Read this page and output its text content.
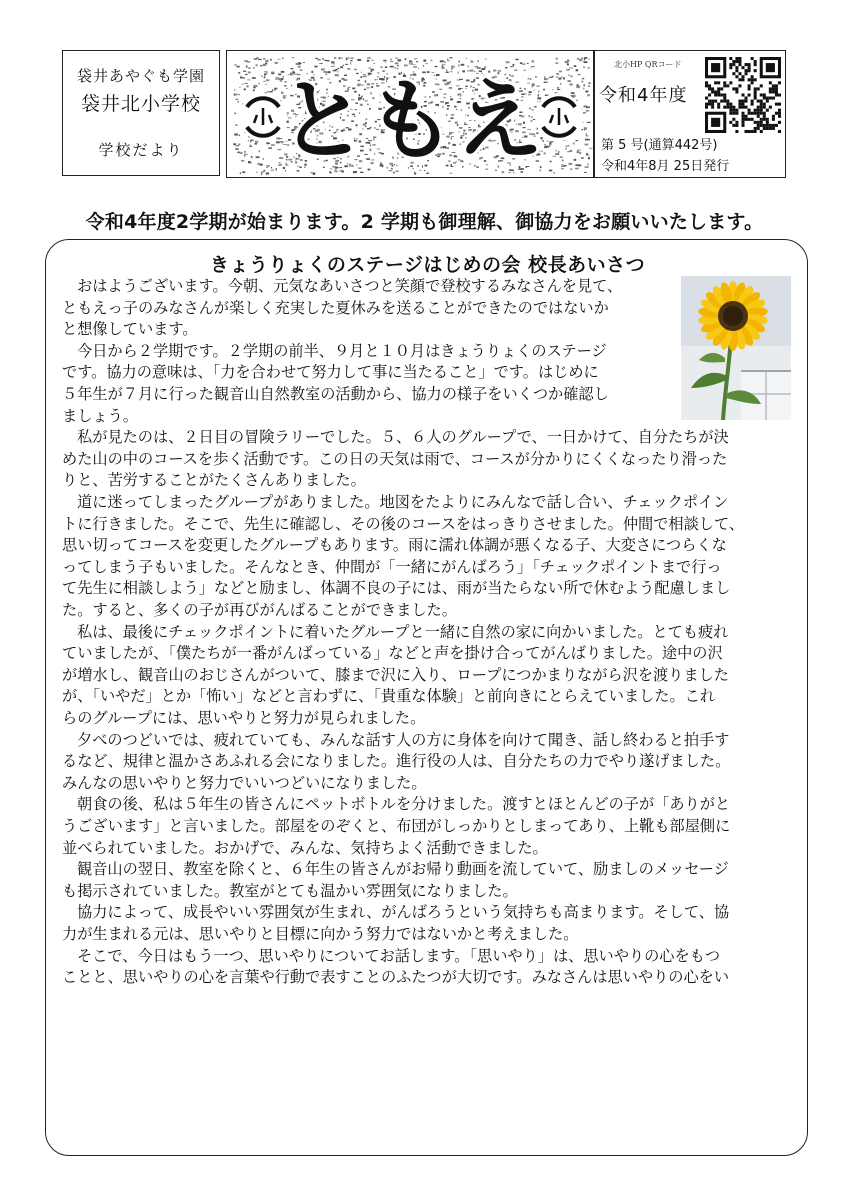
袋井あやぐも学園
袋井北小学校
学校だより	ともえ
北小HP QRコード
令和4年度
第 5 号(通算442号)
令和4年8月 25日発行
令和4年度2学期が始まります。2 学期も御理解、御協力をお願いいたします。
きょうりょくのステージはじめの会 校長あいさつ
おはようございます。今朝、元気なあいさつと笑顔で登校するみなさんを見て、
ともえっ子のみなさんが楽しく充実した夏休みを送ることができたのではないか
と想像しています。
今日から２学期です。２学期の前半、９月と１０月はきょうりょくのステージ
です。協力の意味は、「力を合わせて努力して事に当たること」です。はじめに
５年生が７月に行った観音山自然教室の活動から、協力の様子をいくつか確認し
ましょう。
私が見たのは、２日目の冒険ラリーでした。５、６人のグループで、一日かけて、自分たちが決
めた山の中のコースを歩く活動です。この日の天気は雨で、コースが分かりにくくなったり滑った
りと、苦労することがたくさんありました。
道に迷ってしまったグループがありました。地図をたよりにみんなで話し合い、チェックポイン
トに行きました。そこで、先生に確認し、その後のコースをはっきりさせました。仲間で相談して、
思い切ってコースを変更したグループもあります。雨に濡れ体調が悪くなる子、大変さにつらくな
ってしまう子もいました。そんなとき、仲間が「一緒にがんばろう」「チェックポイントまで行っ
て先生に相談しよう」などと励まし、体調不良の子には、雨が当たらない所で休むよう配慮しまし
た。すると、多くの子が再びがんばることができました。
私は、最後にチェックポイントに着いたグループと一緒に自然の家に向かいました。とても疲れ
ていましたが、「僕たちが一番がんばっている」などと声を掛け合ってがんばりました。途中の沢
が増水し、観音山のおじさんがついて、膝まで沢に入り、ロープにつかまりながら沢を渡りました
が、「いやだ」とか「怖い」などと言わずに、「貴重な体験」と前向きにとらえていました。これ
らのグループには、思いやりと努力が見られました。
夕べのつどいでは、疲れていても、みんな話す人の方に身体を向けて聞き、話し終わると拍手す
るなど、規律と温かさあふれる会になりました。進行役の人は、自分たちの力でやり遂げました。
みんなの思いやりと努力でいいつどいになりました。
朝食の後、私は５年生の皆さんにペットボトルを分けました。渡すとほとんどの子が「ありがと
うございます」と言いました。部屋をのぞくと、布団がしっかりとしまってあり、上靴も部屋側に
並べられていました。おかげで、みんな、気持ちよく活動できました。
観音山の翌日、教室を除くと、６年生の皆さんがお帰り動画を流していて、励ましのメッセージ
も掲示されていました。教室がとても温かい雰囲気になりました。
協力によって、成長やいい雰囲気が生まれ、がんばろうという気持ちも高まります。そして、協
力が生まれる元は、思いやりと目標に向かう努力ではないかと考えました。
そこで、今日はもう一つ、思いやりについてお話します。「思いやり」は、思いやりの心をもつ
ことと、思いやりの心を言葉や行動で表すことのふたつが大切です。みなさんは思いやりの心をい
